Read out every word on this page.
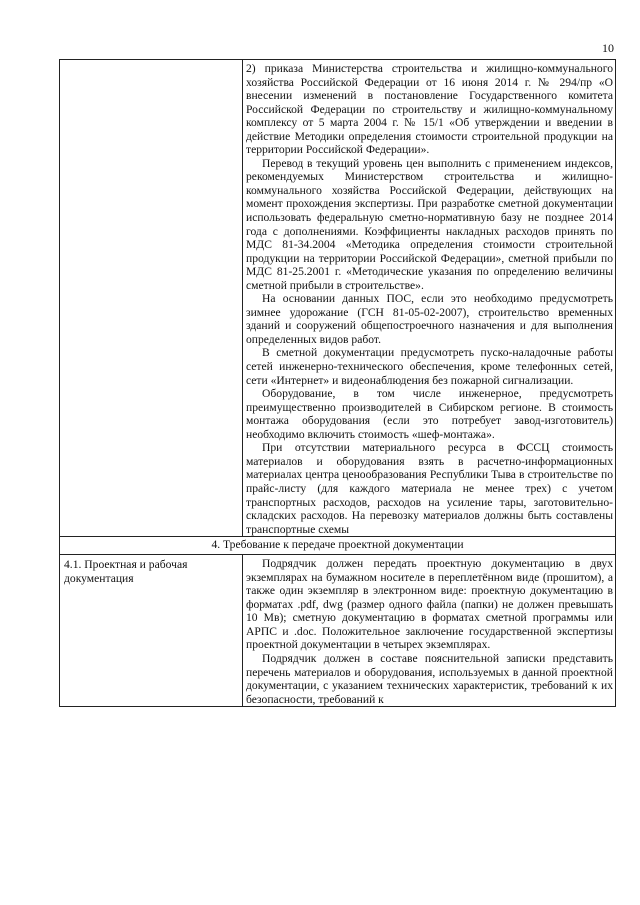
10

2) приказа Министерства строительства и жилищно-коммунального хозяйства Российской Федерации от 16 июня 2014 г. № 294/пр «О внесении изменений в постановление Государственного комитета Российской Федерации по строительству и жилищно-коммунальному комплексу от 5 марта 2004 г. № 15/1 «Об утверждении и введении в действие Методики определения стоимости строительной продукции на территории Российской Федерации».

Перевод в текущий уровень цен выполнить с применением индексов, рекомендуемых Министерством строительства и жилищно-коммунального хозяйства Российской Федерации, действующих на момент прохождения экспертизы. При разработке сметной документации использовать федеральную сметно-нормативную базу не позднее 2014 года с дополнениями. Коэффициенты накладных расходов принять по МДС 81-34.2004 «Методика определения стоимости строительной продукции на территории Российской Федерации», сметной прибыли по МДС 81-25.2001 г. «Методические указания по определению величины сметной прибыли в строительстве».

На основании данных ПОС, если это необходимо предусмотреть зимнее удорожание (ГСН 81-05-02-2007), строительство временных зданий и сооружений общепостроечного назначения и для выполнения определенных видов работ.

В сметной документации предусмотреть пуско-наладочные работы сетей инженерно-технического обеспечения, кроме телефонных сетей, сети «Интернет» и видеонаблюдения без пожарной сигнализации.

Оборудование, в том числе инженерное, предусмотреть преимущественно производителей в Сибирском регионе. В стоимость монтажа оборудования (если это потребует завод-изготовитель) необходимо включить стоимость «шеф-монтажа».

При отсутствии материального ресурса в ФССЦ стоимость материалов и оборудования взять в расчетно-информационных материалах центра ценообразования Республики Тыва в строительстве по прайс-листу (для каждого материала не менее трех) с учетом транспортных расходов, расходов на усиление тары, заготовительно-складских расходов. На перевозку материалов должны быть составлены транспортные схемы

4. Требование к передаче проектной документации
4.1. Проектная и рабочая документация

Подрядчик должен передать проектную документацию в двух экземплярах на бумажном носителе в переплетённом виде (прошитом), а также один экземпляр в электронном виде: проектную документацию в форматах .pdf, dwg (размер одного файла (папки) не должен превышать 10 Мв); сметную документацию в форматах сметной программы или АРПС и .doc. Положительное заключение государственной экспертизы проектной документации в четырех экземплярах.

Подрядчик должен в составе пояснительной записки представить перечень материалов и оборудования, используемых в данной проектной документации, с указанием технических характеристик, требований к их безопасности, требований к
